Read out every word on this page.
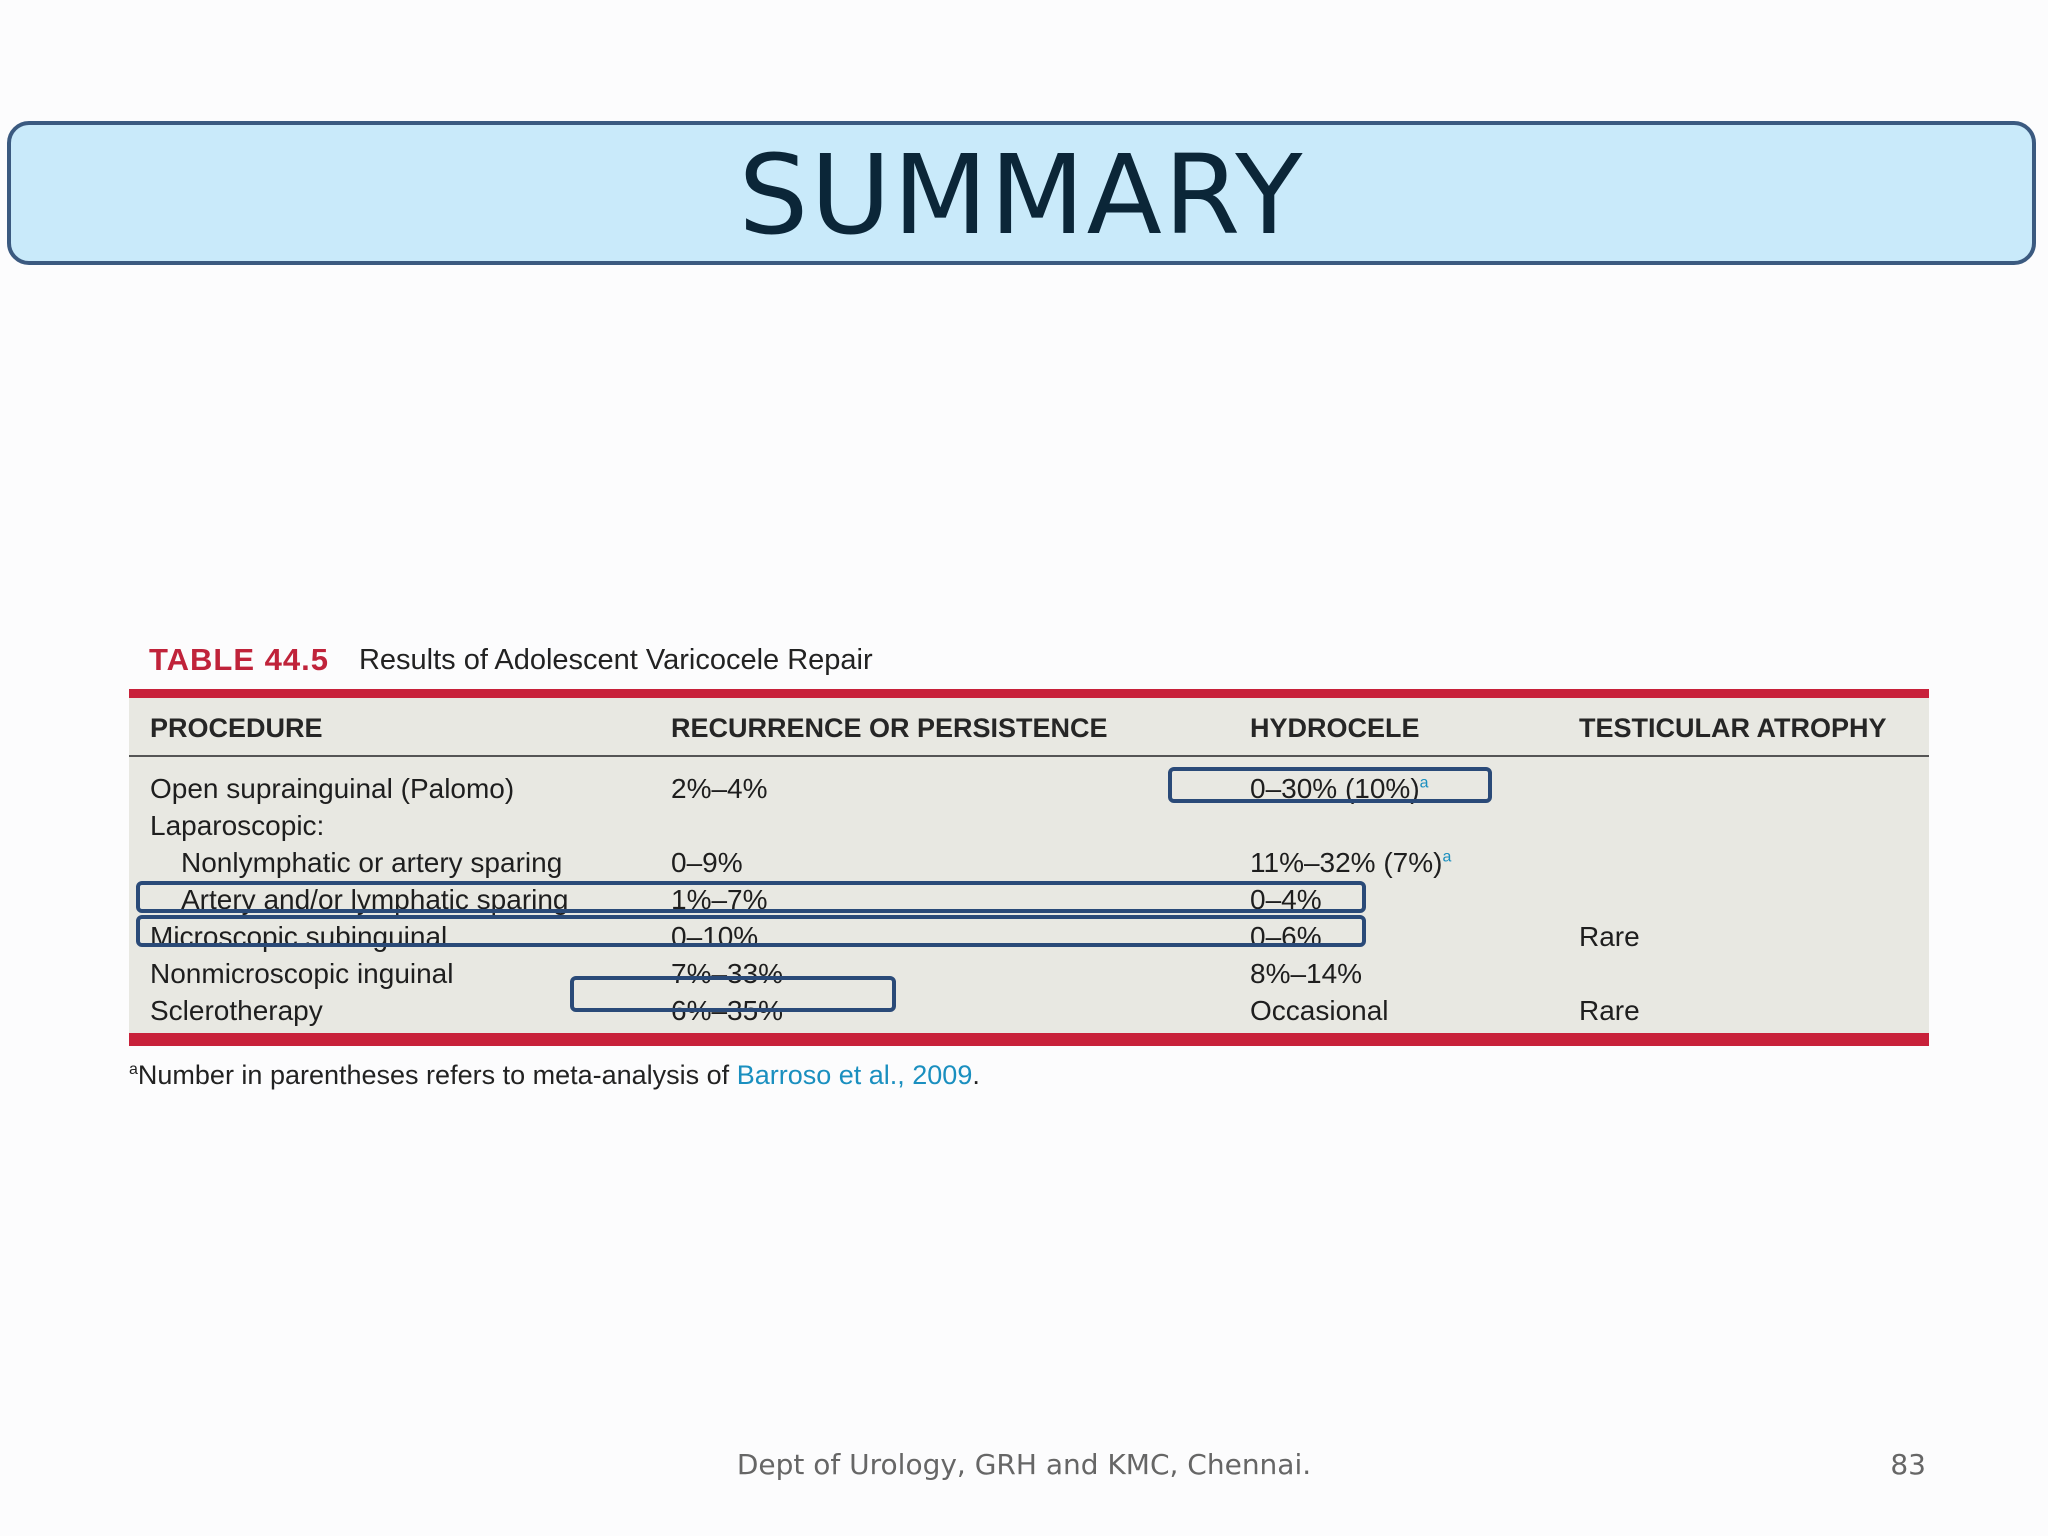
SUMMARY
TABLE 44.5 Results of Adolescent Varicocele Repair
PROCEDURE	RECURRENCE OR PERSISTENCE	HYDROCELE	TESTICULAR ATROPHY
Open suprainguinal (Palomo)	2%–4%	0–30% $(10\%)^a$
Laparoscopic:
Nonlymphatic or artery sparing	0–9%	11%–32% $(7\%)^a$
Artery and/or lymphatic sparing	1%–7%	0–4%
Microscopic subinguinal	0–10%	0–6%	Rare
Nonmicroscopic inguinal	7%–33%	8%–14%
Sclerotherapy	6%–35%	Occasional	Rare
$^a$Number in parentheses refers to meta-analysis of Barroso et al., 2009.
Dept of Urology, GRH and KMC, Chennai.	83
